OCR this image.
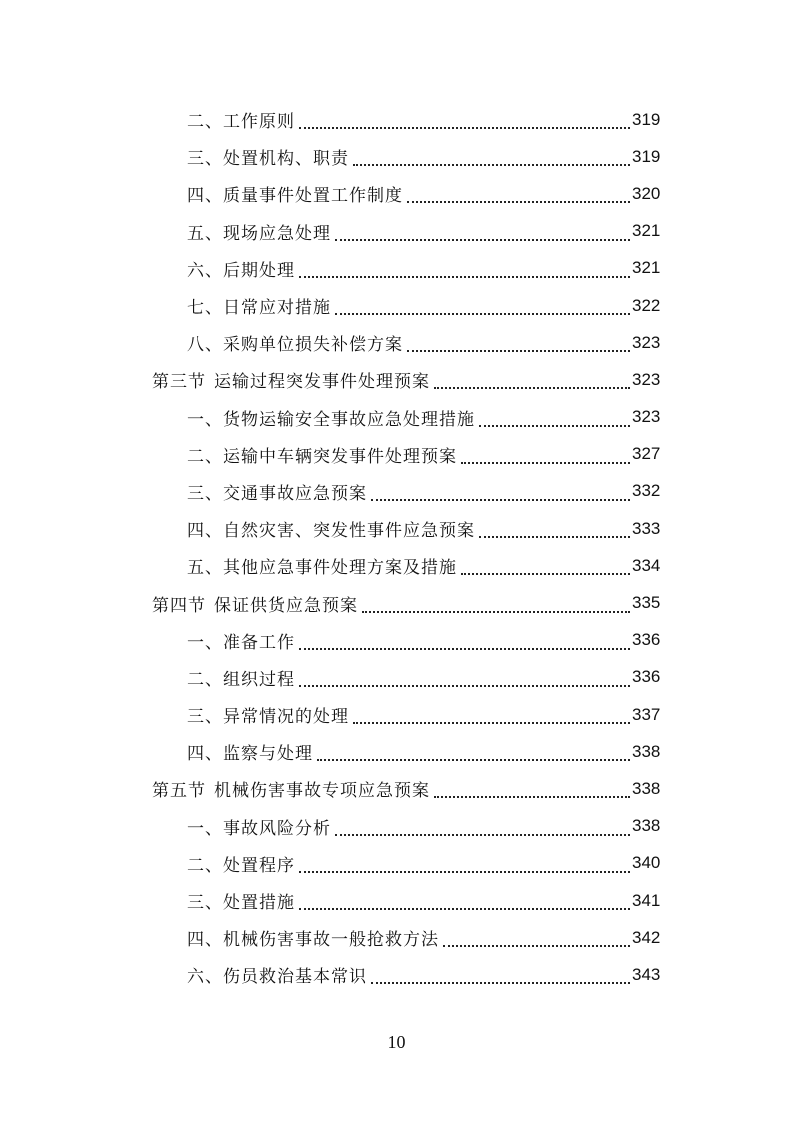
二、工作原则	319
三、处置机构、职责	319
四、质量事件处置工作制度	320
五、现场应急处理	321
六、后期处理	321
七、日常应对措施	322
八、采购单位损失补偿方案	323
第三节 运输过程突发事件处理预案	323
一、货物运输安全事故应急处理措施	323
二、运输中车辆突发事件处理预案	327
三、交通事故应急预案	332
四、自然灾害、突发性事件应急预案	333
五、其他应急事件处理方案及措施	334
第四节 保证供货应急预案	335
一、准备工作	336
二、组织过程	336
三、异常情况的处理	337
四、监察与处理	338
第五节 机械伤害事故专项应急预案	338
一、事故风险分析	338
二、处置程序	340
三、处置措施	341
四、机械伤害事故一般抢救方法	342
六、伤员救治基本常识	343
10
